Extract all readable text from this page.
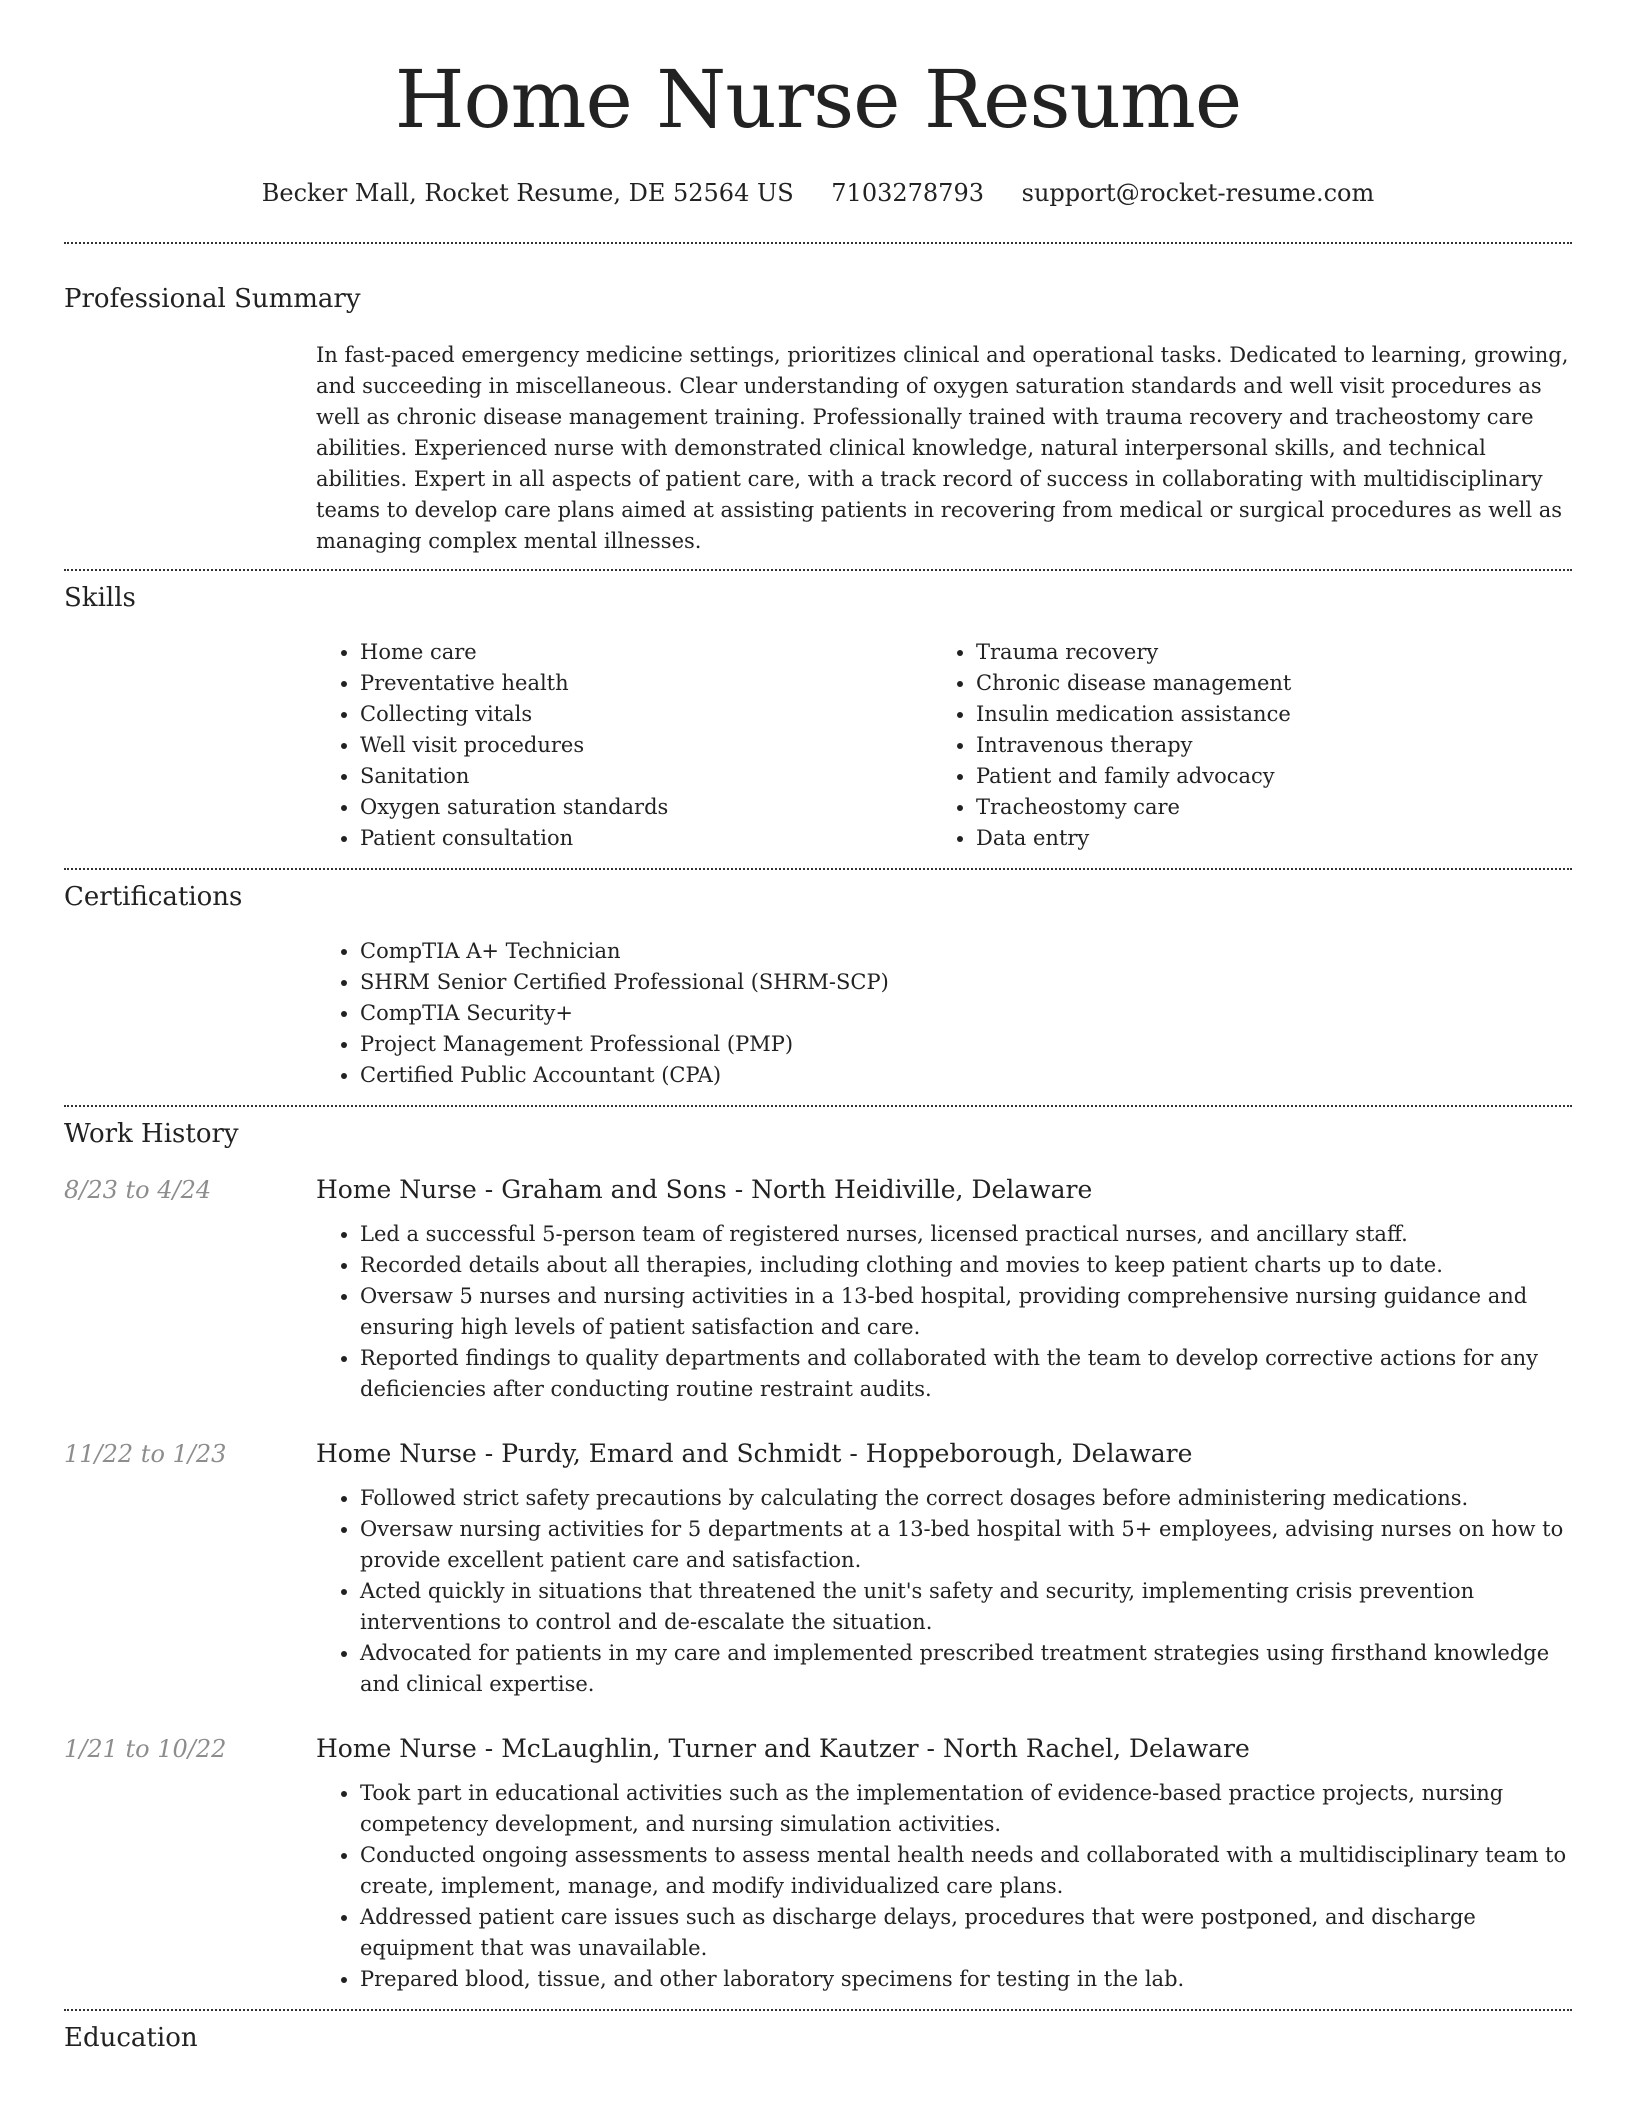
Home Nurse Resume
Becker Mall, Rocket Resume, DE 52564 US 7103278793 support@rocket-resume.com
Professional Summary
In fast-paced emergency medicine settings, prioritizes clinical and operational tasks. Dedicated to learning, growing, and succeeding in miscellaneous. Clear understanding of oxygen saturation standards and well visit procedures as well as chronic disease management training. Professionally trained with trauma recovery and tracheostomy care abilities. Experienced nurse with demonstrated clinical knowledge, natural interpersonal skills, and technical abilities. Expert in all aspects of patient care, with a track record of success in collaborating with multidisciplinary teams to develop care plans aimed at assisting patients in recovering from medical or surgical procedures as well as managing complex mental illnesses.
Skills
• Home care
• Preventative health
• Collecting vitals
• Well visit procedures
• Sanitation
• Oxygen saturation standards
• Patient consultation
• Trauma recovery
• Chronic disease management
• Insulin medication assistance
• Intravenous therapy
• Patient and family advocacy
• Tracheostomy care
• Data entry
Certifications
• CompTIA A+ Technician
• SHRM Senior Certified Professional (SHRM-SCP)
• CompTIA Security+
• Project Management Professional (PMP)
• Certified Public Accountant (CPA)
Work History
8/23 to 4/24	Home Nurse - Graham and Sons - North Heidiville, Delaware
• Led a successful 5-person team of registered nurses, licensed practical nurses, and ancillary staff.
• Recorded details about all therapies, including clothing and movies to keep patient charts up to date.
• Oversaw 5 nurses and nursing activities in a 13-bed hospital, providing comprehensive nursing guidance and ensuring high levels of patient satisfaction and care.
• Reported findings to quality departments and collaborated with the team to develop corrective actions for any deficiencies after conducting routine restraint audits.
11/22 to 1/23	Home Nurse - Purdy, Emard and Schmidt - Hoppeborough, Delaware
• Followed strict safety precautions by calculating the correct dosages before administering medications.
• Oversaw nursing activities for 5 departments at a 13-bed hospital with 5+ employees, advising nurses on how to provide excellent patient care and satisfaction.
• Acted quickly in situations that threatened the unit's safety and security, implementing crisis prevention interventions to control and de-escalate the situation.
• Advocated for patients in my care and implemented prescribed treatment strategies using firsthand knowledge and clinical expertise.
1/21 to 10/22	Home Nurse - McLaughlin, Turner and Kautzer - North Rachel, Delaware
• Took part in educational activities such as the implementation of evidence-based practice projects, nursing competency development, and nursing simulation activities.
• Conducted ongoing assessments to assess mental health needs and collaborated with a multidisciplinary team to create, implement, manage, and modify individualized care plans.
• Addressed patient care issues such as discharge delays, procedures that were postponed, and discharge equipment that was unavailable.
• Prepared blood, tissue, and other laboratory specimens for testing in the lab.
Education
